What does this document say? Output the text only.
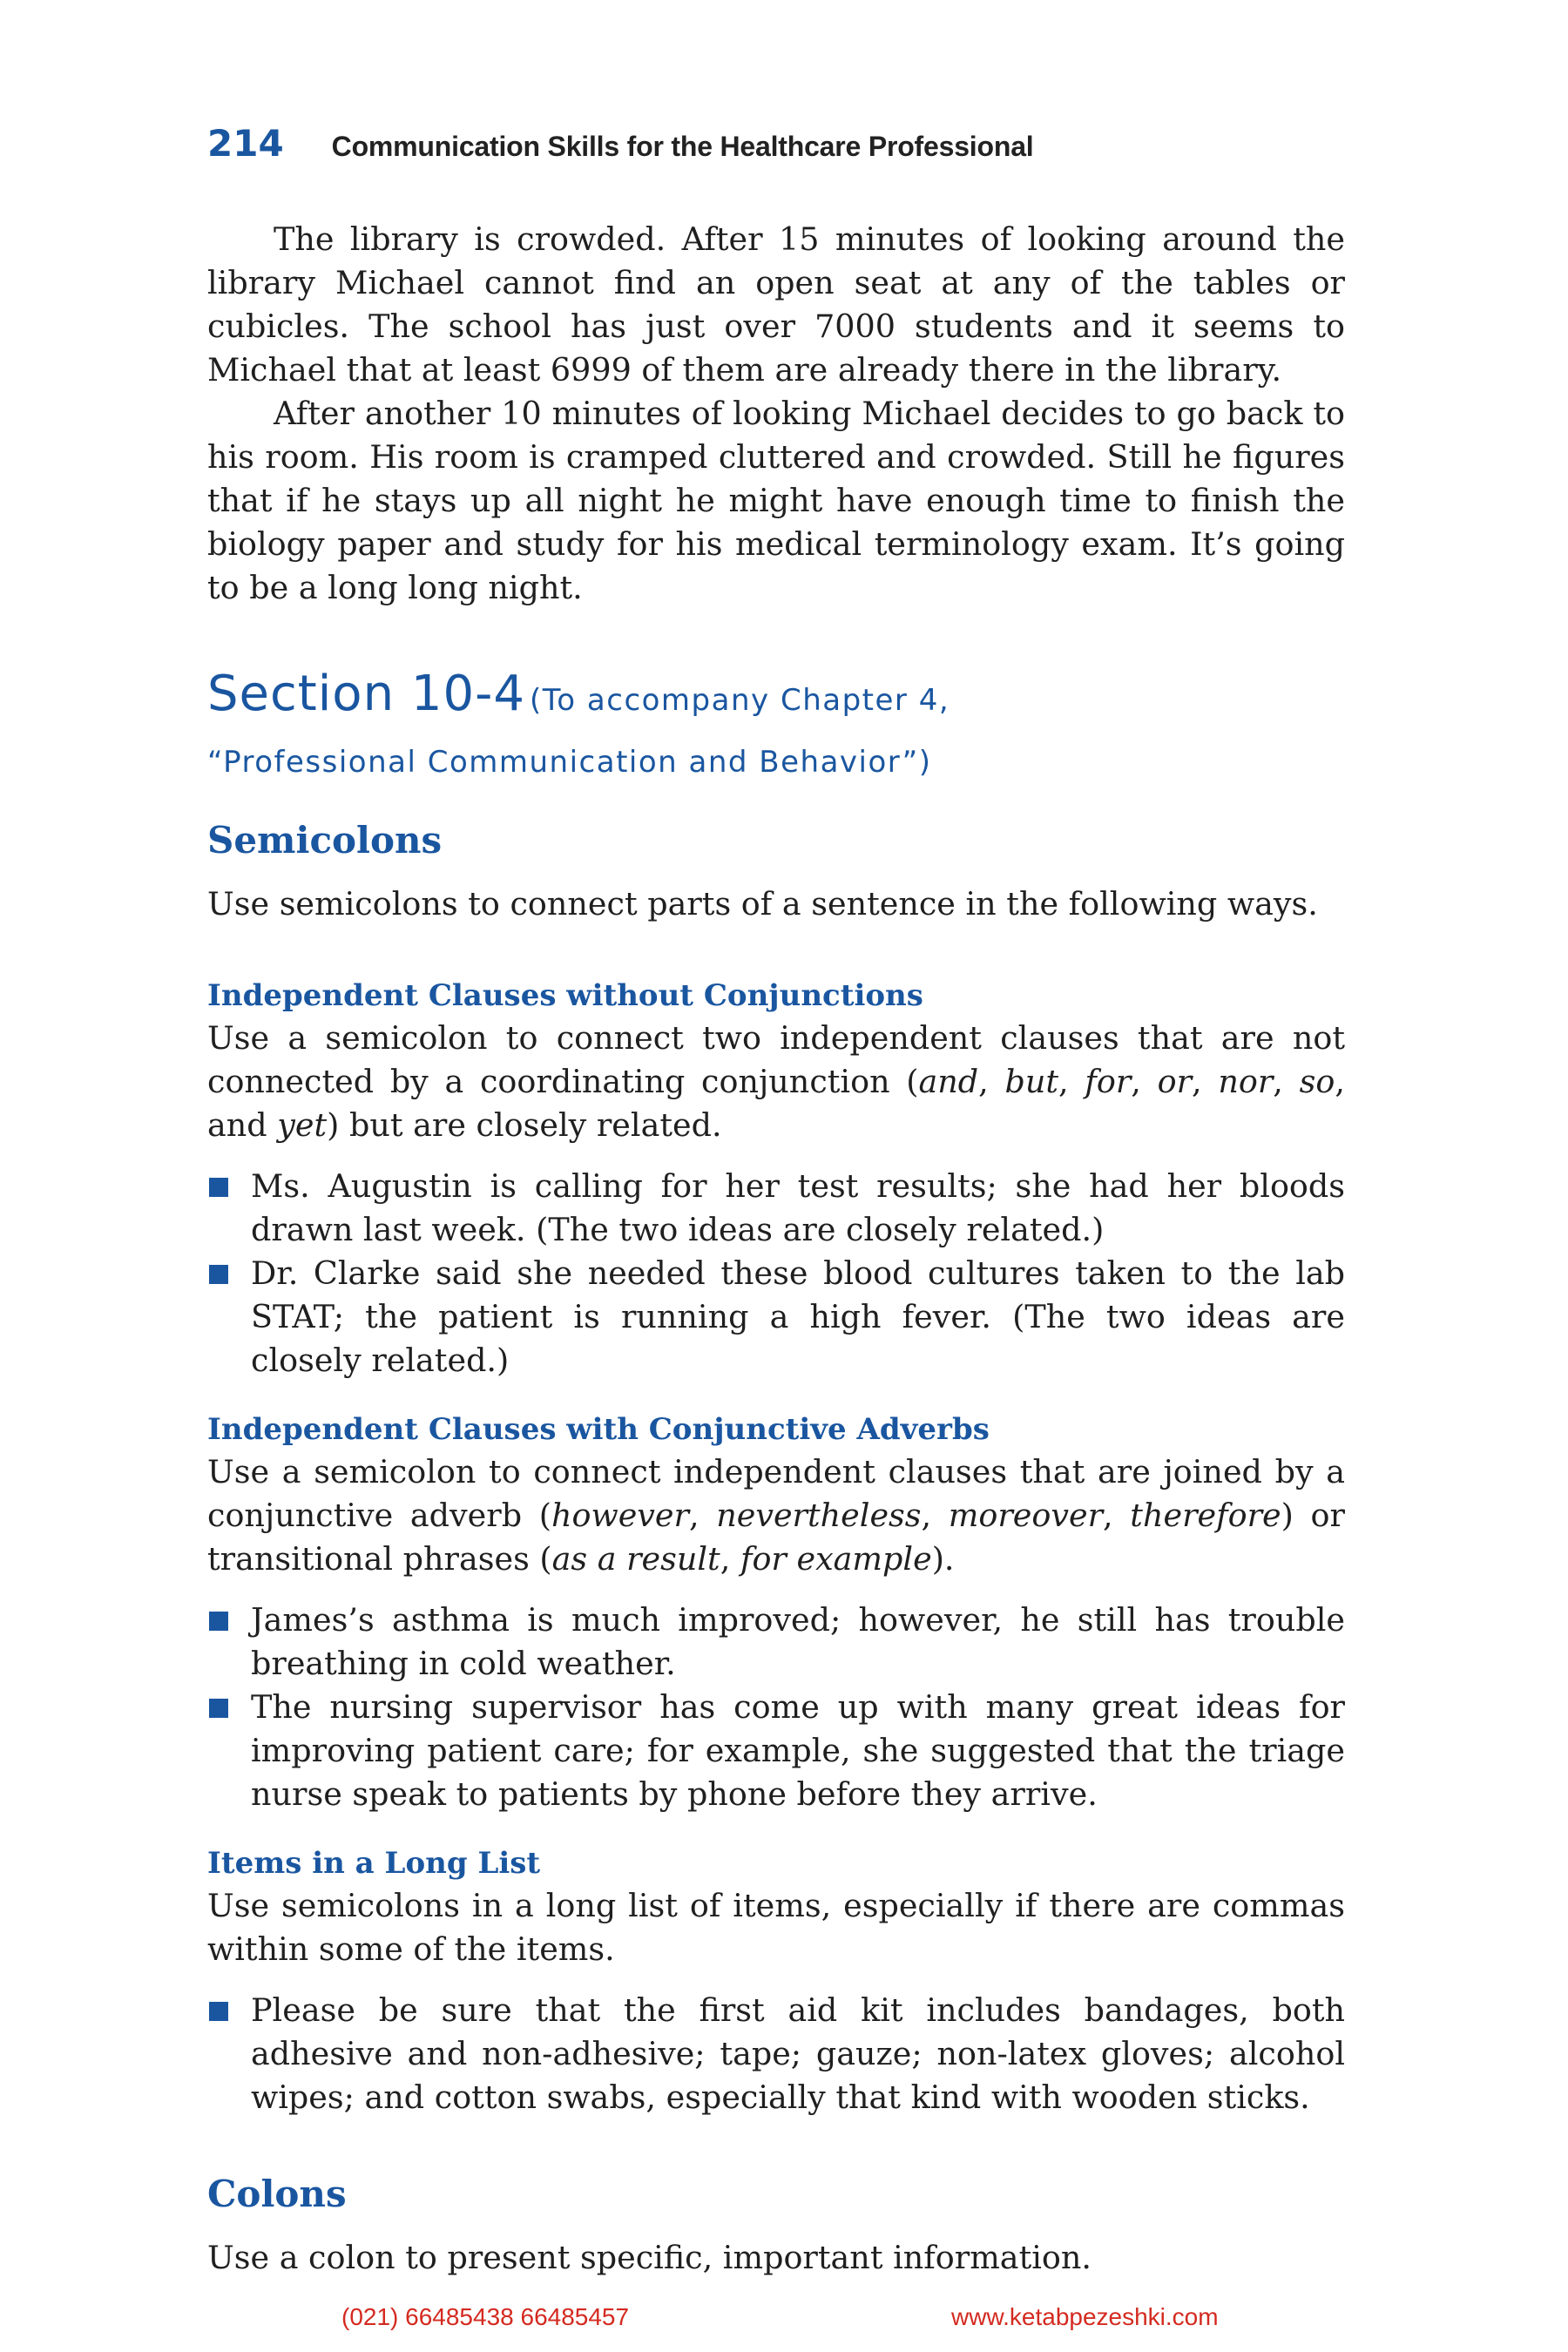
214 Communication Skills for the Healthcare Professional

The library is crowded. After 15 minutes of looking around the library Michael cannot find an open seat at any of the tables or cubicles. The school has just over 7000 students and it seems to Michael that at least 6999 of them are already there in the library.

After another 10 minutes of looking Michael decides to go back to his room. His room is cramped cluttered and crowded. Still he figures that if he stays up all night he might have enough time to finish the biology paper and study for his medical terminology exam. It’s going to be a long long night.

Section 10-4 (To accompany Chapter 4,
“Professional Communication and Behavior”)
Semicolons

Use semicolons to connect parts of a sentence in the following ways.

Independent Clauses without Conjunctions

Use a semicolon to connect two independent clauses that are not connected by a coordinating conjunction (and, but, for, or, nor, so, and yet) but are closely related.

Ms. Augustin is calling for her test results; she had her bloods drawn last week. (The two ideas are closely related.)
Dr. Clarke said she needed these blood cultures taken to the lab STAT; the patient is running a high fever. (The two ideas are closely related.)
Independent Clauses with Conjunctive Adverbs

Use a semicolon to connect independent clauses that are joined by a conjunctive adverb (however, nevertheless, moreover, therefore) or transitional phrases (as a result, for example).

James’s asthma is much improved; however, he still has trouble breathing in cold weather.
The nursing supervisor has come up with many great ideas for improving patient care; for example, she suggested that the triage nurse speak to patients by phone before they arrive.
Items in a Long List

Use semicolons in a long list of items, especially if there are commas within some of the items.

Please be sure that the first aid kit includes bandages, both adhesive and non-adhesive; tape; gauze; non-latex gloves; alcohol wipes; and cotton swabs, especially that kind with wooden sticks.
Colons

Use a colon to present specific, important information.

(021) 66485438 66485457	www.ketabpezeshki.com
